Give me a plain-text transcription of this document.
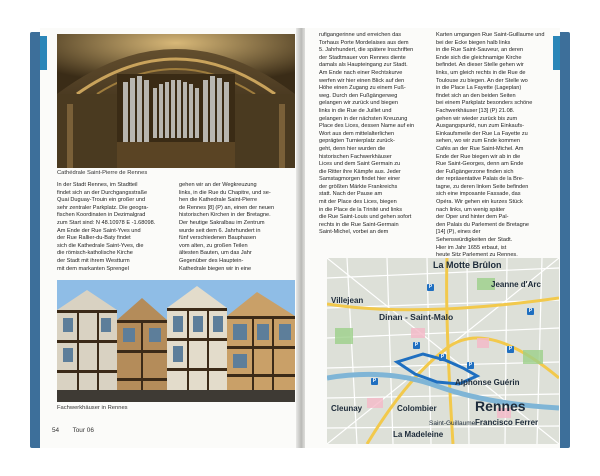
Cathédrale Saint-Pierre de Rennes
In der Stadt Rennes, im Stadtteil
findet sich an der Durchgangsstraße
Quai Duguay-Trouin ein großer und
sehr zentraler Parkplatz. Die geogra-
fischen Koordinaten in Dezimalgrad
zum Start sind: N 48.10978 E -1.68098.
Am Ende der Rue Saint-Yves und
der Rue Rallier-du-Baty findet
sich die Kathedrale Saint-Yves, die
die römisch-katholische Kirche
der Stadt mit ihrem Westturm
mit dem markanten Sprengel
gehen wir an der Wegkreuzung
links, in die Rue du Chapitre, und se-
hen die Kathedrale Saint-Pierre
de Rennes [8] (P) an, einen der neuen
historischen Kirchen in der Bretagne.
Der heutige Sakralbau im Zentrum
wurde seit dem 6. Jahrhundert in
fünf verschiedenen Bauphasen
vom alten, zu großen Teilen
ältesten Bauten, um das Jahr
Gegenüber des Hauptein-
Kathedrale biegen wir in eine
Fachwerkhäuser in Rennes
54 Tour 06
rufigangerinne und erreichen das
Torhaus Porte Mordelaises aus dem
5. Jahrhundert, die spätere Inschriften
der Stadtmauer von Rennes diente
damals als Haupteingang zur Stadt.
Am Ende nach einer Rechtskurve
werfen wir hier einen Blick auf den
Höhe einen Zugang zu einem Fuß-
weg. Durch den Fußgängerweg
gelangen wir zurück und biegen
links in die Rue de Juillet und
gelangen in der nächsten Kreuzung
Place des Lices, dessen Name auf ein
Wort aus dem mittelalterlichen
geprägten Turnierplatz zurück-
geht, denn hier wurden die
historischen Fachwerkhäuser
Lices und dem Saint Germain zu
die Ritter ihre Kämpfe aus. Jeder
Samstagmorgen findet hier einer
der größten Märkte Frankreichs
statt. Nach der Pause am
mit der Place des Lices, biegen
in die Place de la Trinité und links
die Rue Saint-Louis und gehen sofort
rechts in die Rue Saint-Germain
Saint-Michel, vorbei an dem
Karten umgangen Rue Saint-Guillaume und
bei der Ecke biegen halb links
in die Rue Saint-Sauveur, an deren
Ende sich die gleichnamige Kirche
befindet. An dieser Stelle gehen wir
links, um gleich rechts in die Rue de
Toulouse zu biegen. An der Stelle wo
in die Place La Fayette (Lageplan)
findet sich an den beiden Seiten
bei einem Parkplatz besonders schöne
Fachwerkhäuser [13] (P) 21.08.
gehen wir wieder zurück bis zum
Ausgangspunkt, nun zum Einkaufs-
Einkaufsmeile der Rue La Fayette zu
sehen, wo wir zum Ende kommen
Cafés an der Rue Saint-Michel. Am
Ende der Rue biegen wir ab in die
Rue Saint-Georges, denn am Ende
der Fußgängerzone finden sich
der repräsentative Palais de la Bre-
tagne, zu deren linken Seite befinden
sich eine imposante Fassade, das
Opéra. Wir gehen ein kurzes Stück
nach links, um wenig später
der Oper und hinter dem Pal-
den Palais du Parlement de Bretagne
[14] (P), eines der
Sehenswürdigkeiten der Stadt.
Hier im Jahr 1655 erbaut, ist
heute Sitz Parlement zu Rennes.
La Motte Brûlon
Jeanne d'Arc
Villejean
Dinan - Saint-Malo
Alphonse Guérin
Rennes
Cleunay	Colombier
Francisco Ferrer
Saint-Guillaume
La Madeleine
P
P
P
P
P
P
P
